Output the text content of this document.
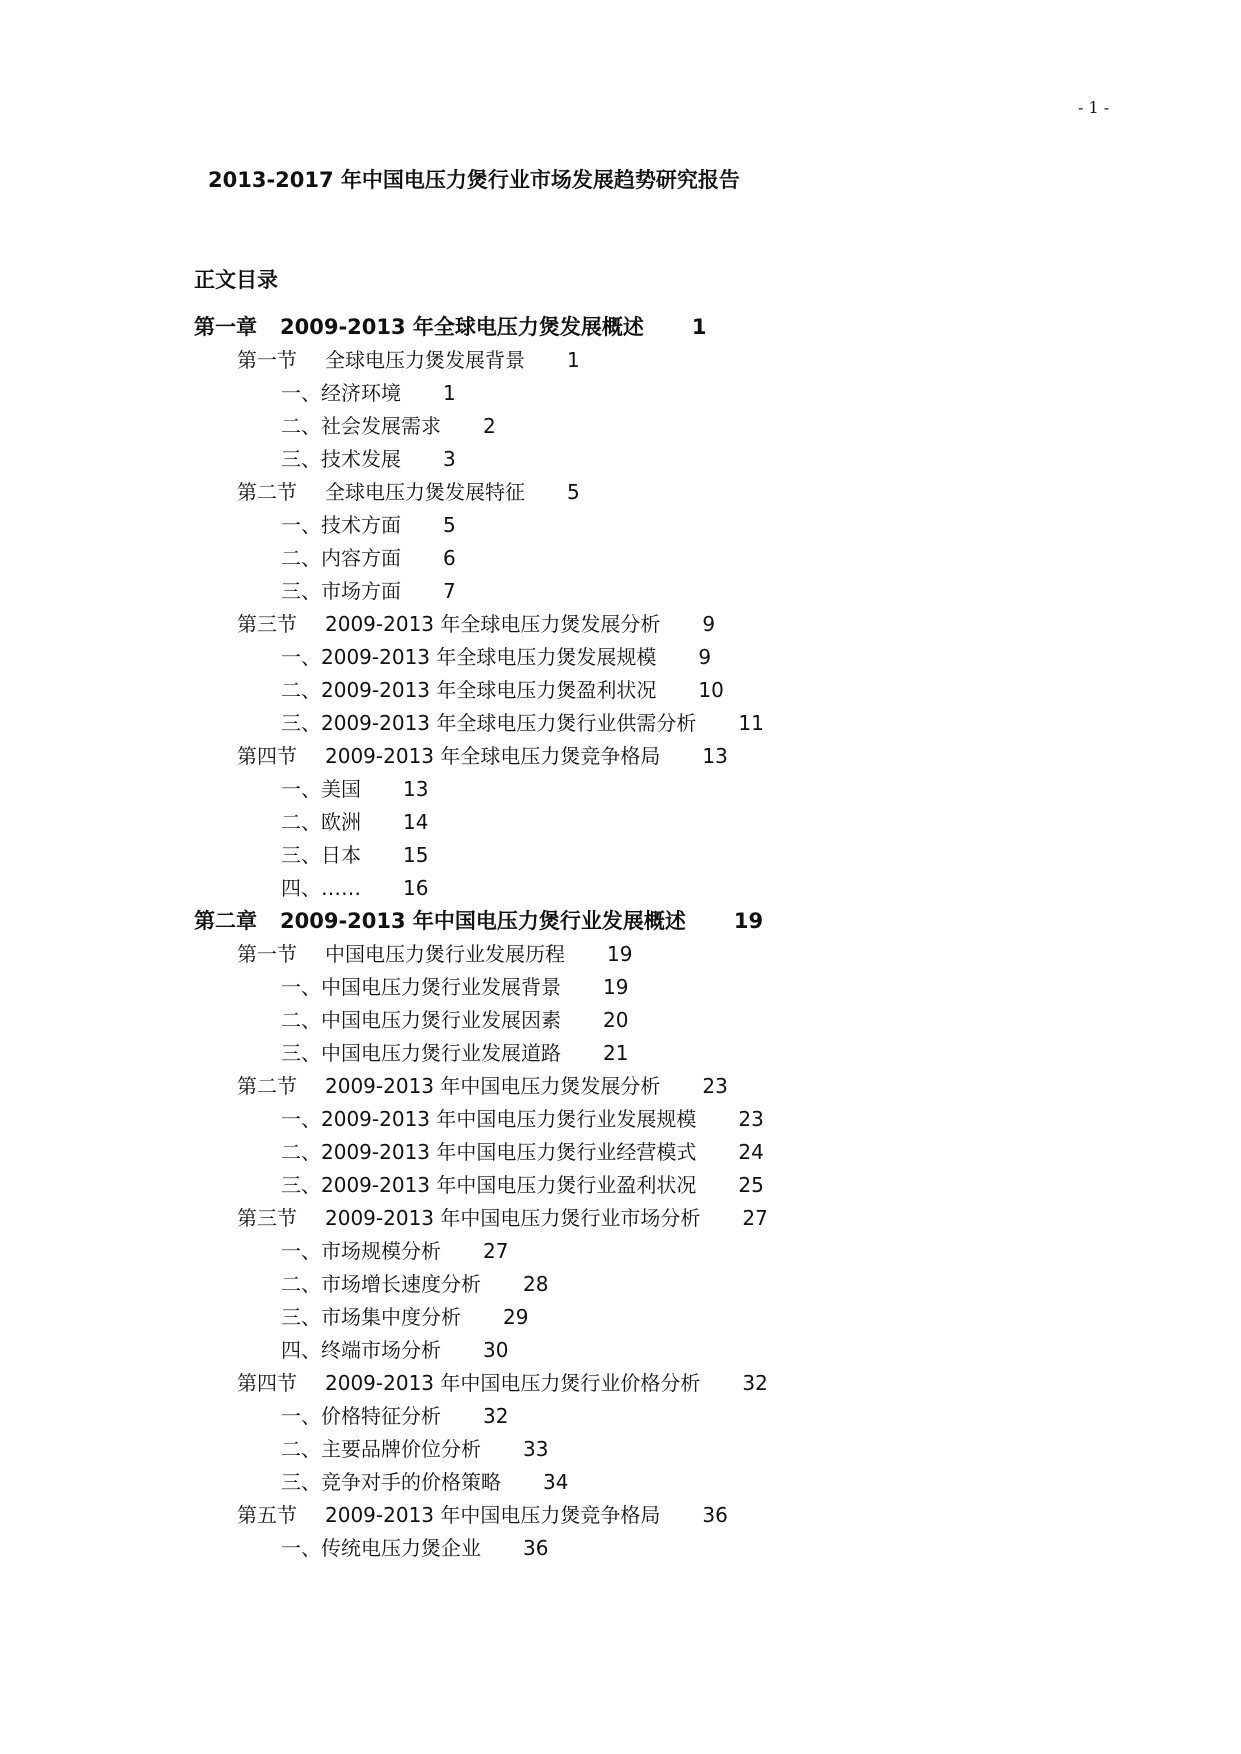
- 1 -
2013-2017 年中国电压力煲行业市场发展趋势研究报告
正文目录
第一章 2009-2013 年全球电压力煲发展概述 1
第一节 全球电压力煲发展背景 1
一、经济环境 1
二、社会发展需求 2
三、技术发展 3
第二节 全球电压力煲发展特征 5
一、技术方面 5
二、内容方面 6
三、市场方面 7
第三节 2009-2013 年全球电压力煲发展分析 9
一、2009-2013 年全球电压力煲发展规模 9
二、2009-2013 年全球电压力煲盈利状况 10
三、2009-2013 年全球电压力煲行业供需分析 11
第四节 2009-2013 年全球电压力煲竞争格局 13
一、美国 13
二、欧洲 14
三、日本 15
四、…… 16
第二章 2009-2013 年中国电压力煲行业发展概述 19
第一节 中国电压力煲行业发展历程 19
一、中国电压力煲行业发展背景 19
二、中国电压力煲行业发展因素 20
三、中国电压力煲行业发展道路 21
第二节 2009-2013 年中国电压力煲发展分析 23
一、2009-2013 年中国电压力煲行业发展规模 23
二、2009-2013 年中国电压力煲行业经营模式 24
三、2009-2013 年中国电压力煲行业盈利状况 25
第三节 2009-2013 年中国电压力煲行业市场分析 27
一、市场规模分析 27
二、市场增长速度分析 28
三、市场集中度分析 29
四、终端市场分析 30
第四节 2009-2013 年中国电压力煲行业价格分析 32
一、价格特征分析 32
二、主要品牌价位分析 33
三、竞争对手的价格策略 34
第五节 2009-2013 年中国电压力煲竞争格局 36
一、传统电压力煲企业 36
